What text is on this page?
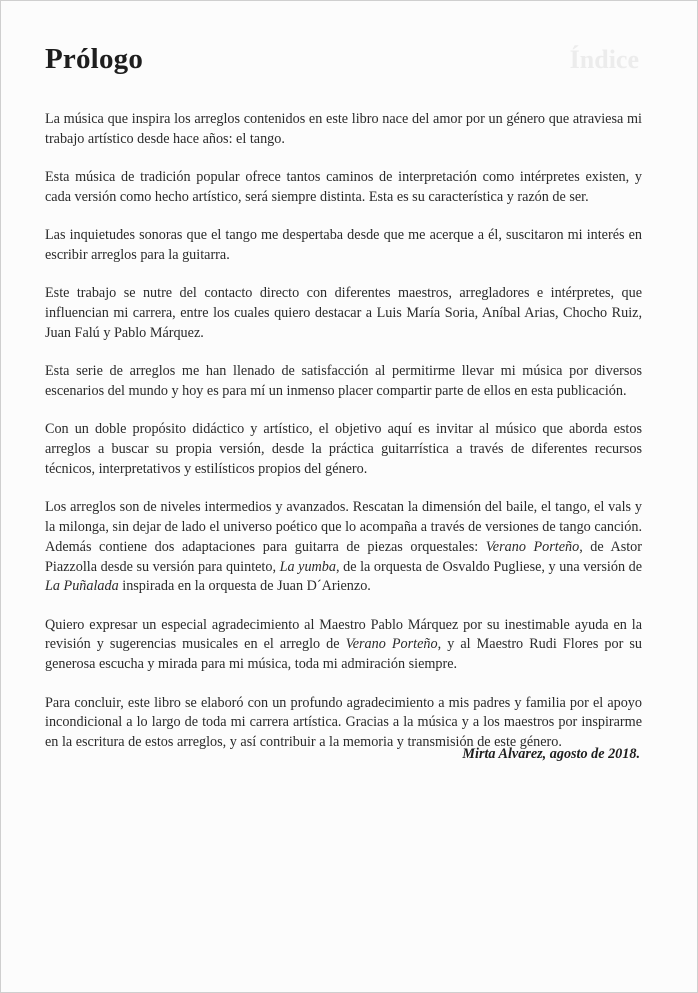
Índice
Prólogo

La música que inspira los arreglos contenidos en este libro nace del amor por un género que atraviesa mi trabajo artístico desde hace años: el tango.

Esta música de tradición popular ofrece tantos caminos de interpretación como intérpretes existen, y cada versión como hecho artístico, será siempre distinta. Esta es su característica y razón de ser.

Las inquietudes sonoras que el tango me despertaba desde que me acerque a él, suscitaron mi interés en escribir arreglos para la guitarra.

Este trabajo se nutre del contacto directo con diferentes maestros, arregladores e intérpretes, que influencian mi carrera, entre los cuales quiero destacar a Luis María Soria, Aníbal Arias, Chocho Ruiz, Juan Falú y Pablo Márquez.

Esta serie de arreglos me han llenado de satisfacción al permitirme llevar mi música por diversos escenarios del mundo y hoy es para mí un inmenso placer compartir parte de ellos en esta publicación.

Con un doble propósito didáctico y artístico, el objetivo aquí es invitar al músico que aborda estos arreglos a buscar su propia versión, desde la práctica guitarrística a través de diferentes recursos técnicos, interpretativos y estilísticos propios del género.

Los arreglos son de niveles intermedios y avanzados. Rescatan la dimensión del baile, el tango, el vals y la milonga, sin dejar de lado el universo poético que lo acompaña a través de versiones de tango canción. Además contiene dos adaptaciones para guitarra de piezas orquestales: Verano Porteño, de Astor Piazzolla desde su versión para quinteto, La yumba, de la orquesta de Osvaldo Pugliese, y una versión de La Puñalada inspirada en la orquesta de Juan D´Arienzo.

Quiero expresar un especial agradecimiento al Maestro Pablo Márquez por su inestimable ayuda en la revisión y sugerencias musicales en el arreglo de Verano Porteño, y al Maestro Rudi Flores por su generosa escucha y mirada para mi música, toda mi admiración siempre.

Para concluir, este libro se elaboró con un profundo agradecimiento a mis padres y familia por el apoyo incondicional a lo largo de toda mi carrera artística. Gracias a la música y a los maestros por inspirarme en la escritura de estos arreglos, y así contribuir a la memoria y transmisión de este género.

Mirta Alvarez, agosto de 2018.
